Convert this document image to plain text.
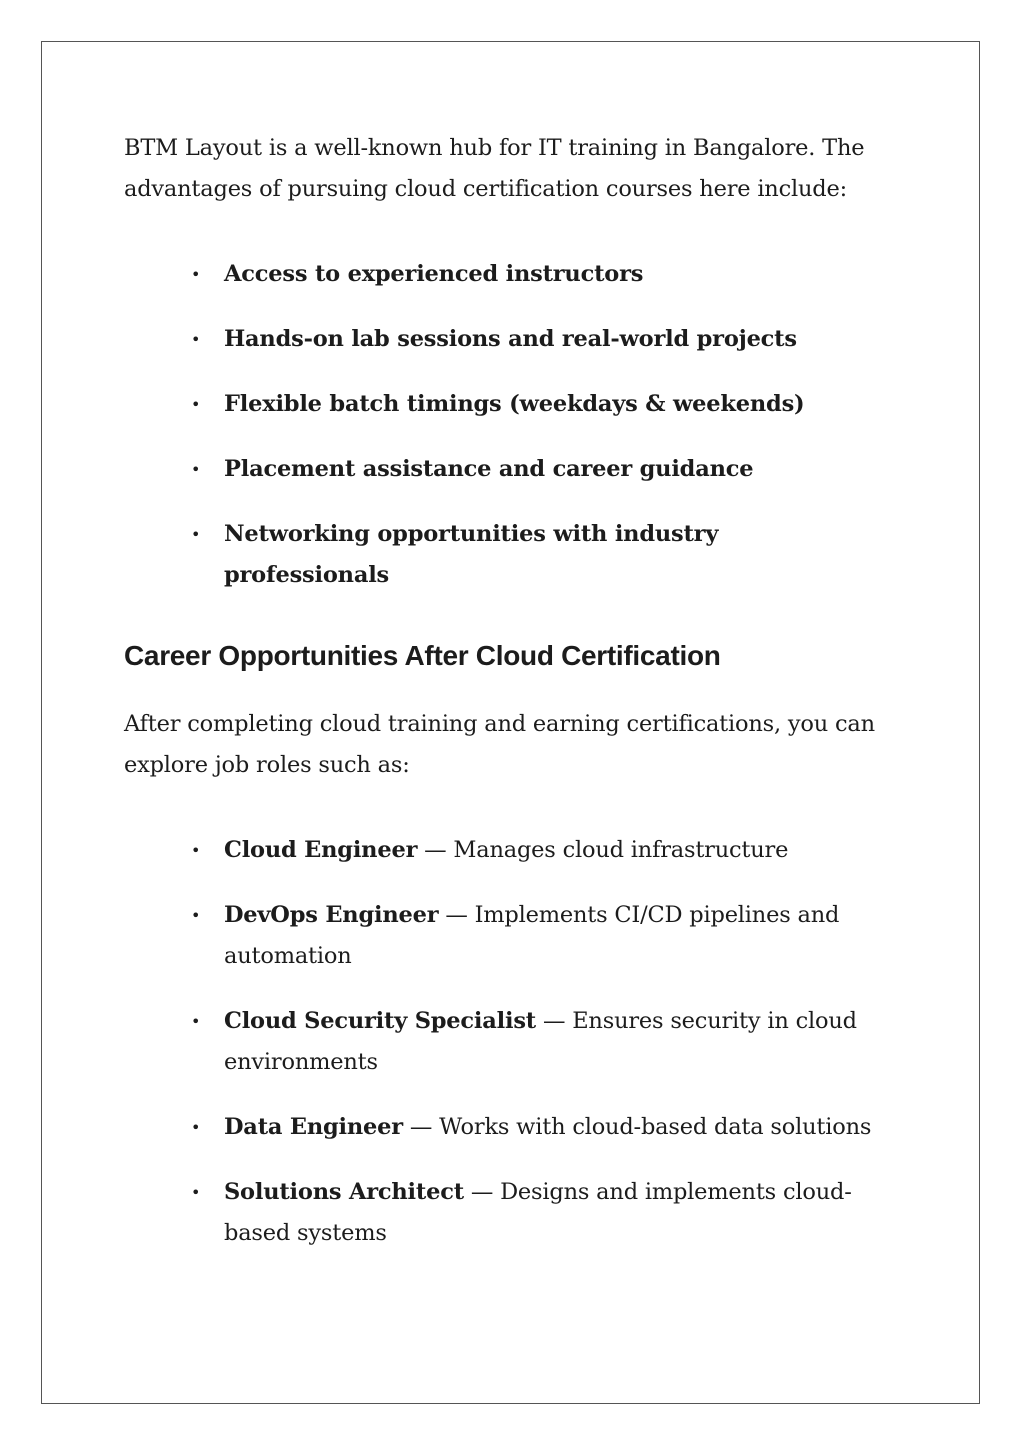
BTM Layout is a well-known hub for IT training in Bangalore. The advantages of pursuing cloud certification courses here include:

• Access to experienced instructors
• Hands-on lab sessions and real-world projects
• Flexible batch timings (weekdays & weekends)
• Placement assistance and career guidance
• Networking opportunities with industry professionals
Career Opportunities After Cloud Certification

After completing cloud training and earning certifications, you can explore job roles such as:

• Cloud Engineer — Manages cloud infrastructure
• DevOps Engineer — Implements CI/CD pipelines and automation
• Cloud Security Specialist — Ensures security in cloud environments
• Data Engineer — Works with cloud-based data solutions
• Solutions Architect — Designs and implements cloud-based systems
